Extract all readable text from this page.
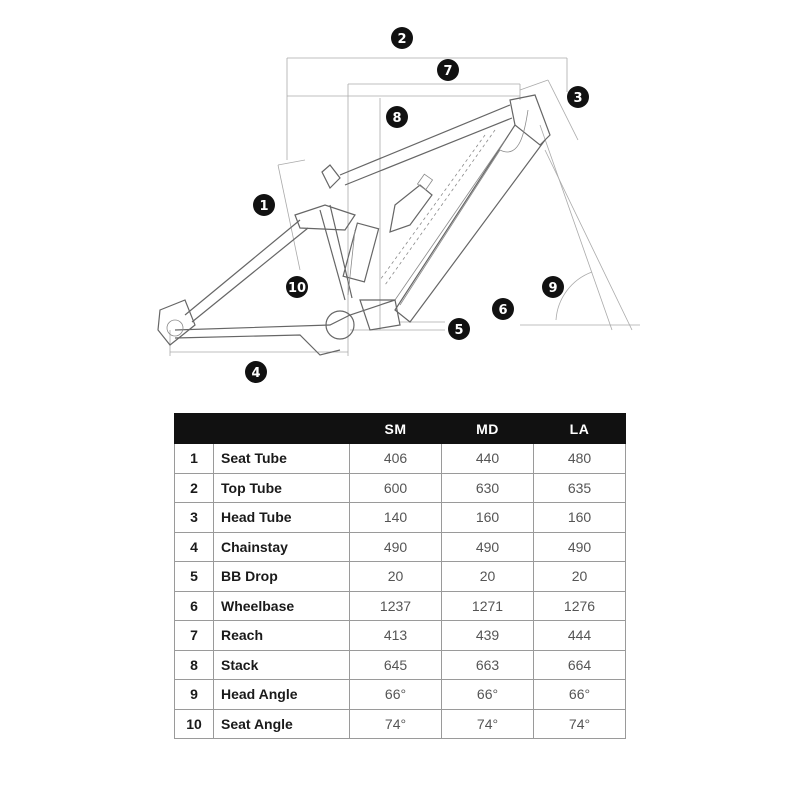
2
7
3
8
1
10	9
6
5
4
		SM	MD	LA
1	Seat Tube	406	440	480
2	Top Tube	600	630	635
3	Head Tube	140	160	160
4	Chainstay	490	490	490
5	BB Drop	20	20	20
6	Wheelbase	1237	1271	1276
7	Reach	413	439	444
8	Stack	645	663	664
9	Head Angle	66°	66°	66°
10	Seat Angle	74°	74°	74°
